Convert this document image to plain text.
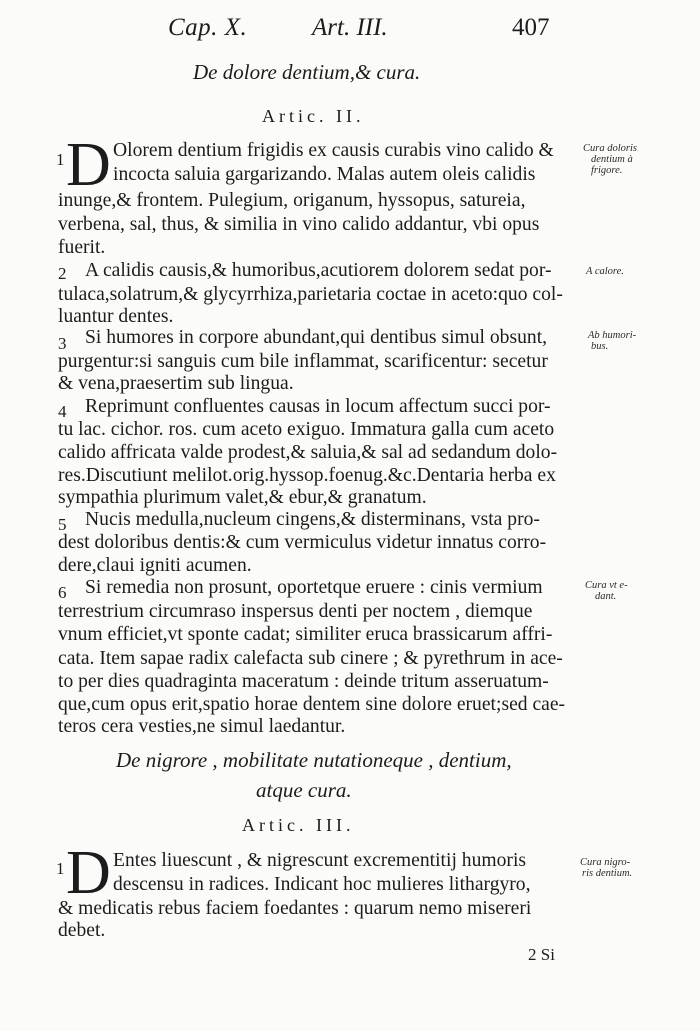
Cap. X.	Art. III.	407
De dolore dentium,& cura.
Artic. II.
1 D Olorem dentium frigidis ex causis curabis vino calido &
incocta saluia gargarizando. Malas autem oleis calidis
inunge,& frontem. Pulegium, origanum, hyssopus, satureia,
verbena, sal, thus, & similia in vino calido addantur, vbi opus
fuerit.
2 A calidis causis,& humoribus,acutiorem dolorem sedat por-
tulaca,solatrum,& glycyrrhiza,parietaria coctae in aceto:quo col-
luantur dentes.
3 Si humores in corpore abundant,qui dentibus simul obsunt,
purgentur:si sanguis cum bile inflammat, scarificentur: secetur
& vena,praesertim sub lingua.
4 Reprimunt confluentes causas in locum affectum succi por-
tu lac. cichor. ros. cum aceto exiguo. Immatura galla cum aceto
calido affricata valde prodest,& saluia,& sal ad sedandum dolo-
res.Discutiunt melilot.orig.hyssop.foenug.&c.Dentaria herba ex
sympathia plurimum valet,& ebur,& granatum.
5 Nucis medulla,nucleum cingens,& disterminans, vsta pro-
dest doloribus dentis:& cum vermiculus videtur innatus corro-
dere,claui igniti acumen.
6 Si remedia non prosunt, oportetque eruere : cinis vermium
terrestrium circumraso inspersus denti per noctem , diemque
vnum efficiet,vt sponte cadat; similiter eruca brassicarum affri-
cata. Item sapae radix calefacta sub cinere ; & pyrethrum in ace-
to per dies quadraginta maceratum : deinde tritum asseruatum-
que,cum opus erit,spatio horae dentem sine dolore eruet;sed cae-
teros cera vesties,ne simul laedantur.
De nigrore , mobilitate nutationeque , dentium,
atque cura.
Artic. III.
1 D Entes liuescunt , & nigrescunt excrementitij humoris
descensu in radices. Indicant hoc mulieres lithargyro,
& medicatis rebus faciem foedantes : quarum nemo misereri
debet.
Cura doloris
dentium à
frigore.
A calore.
Ab humori-
bus.
Cura vt e-
dant.
Cura nigro-
ris dentium.
2 Si
